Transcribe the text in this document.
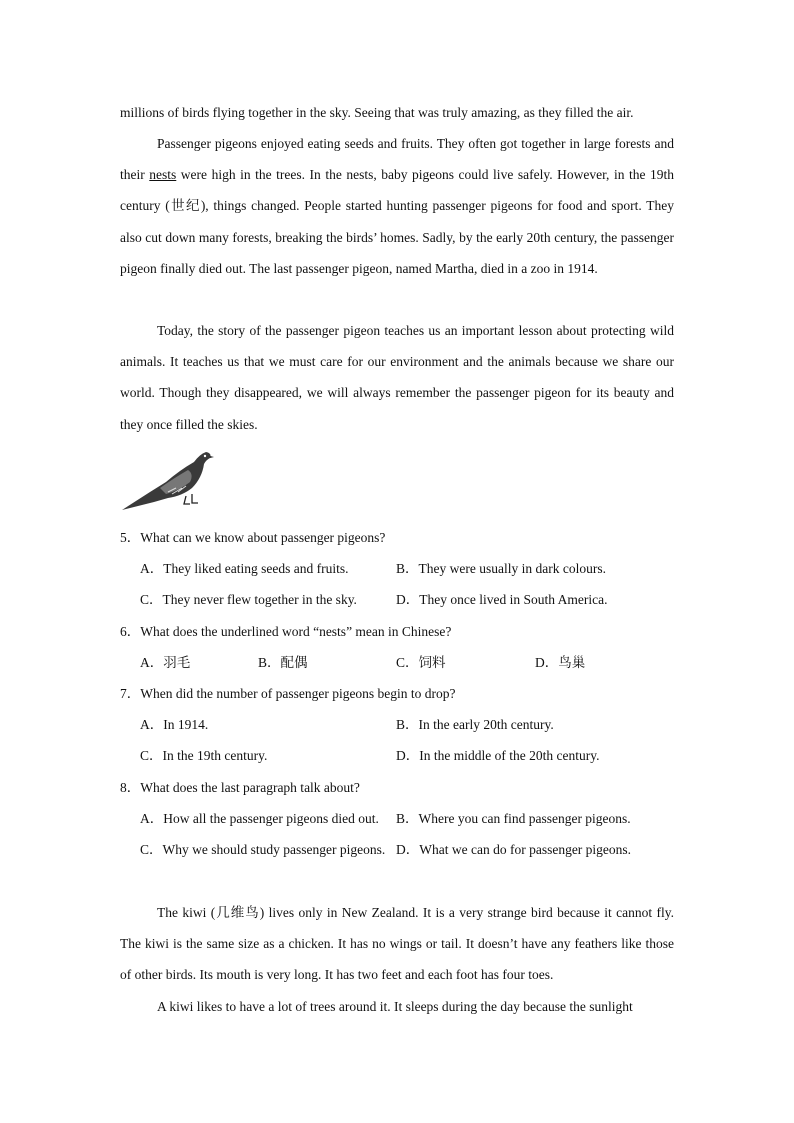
millions of birds flying together in the sky. Seeing that was truly amazing, as they filled the air.

Passenger pigeons enjoyed eating seeds and fruits. They often got together in large forests and their nests were high in the trees. In the nests, baby pigeons could live safely. However, in the 19th century (世纪), things changed. People started hunting passenger pigeons for food and sport. They also cut down many forests, breaking the birds’ homes. Sadly, by the early 20th century, the passenger pigeon finally died out. The last passenger pigeon, named Martha, died in a zoo in 1914.

Today, the story of the passenger pigeon teaches us an important lesson about protecting wild animals. It teaches us that we must care for our environment and the animals because we share our world. Though they disappeared, we will always remember the passenger pigeon for its beauty and they once filled the skies.

5．What can we know about passenger pigeons?
A．They liked eating seeds and fruits.	B．They were usually in dark colours.
C．They never flew together in the sky.	D．They once lived in South America.
6．What does the underlined word “nests” mean in Chinese?
A．羽毛	B．配偶	C．饲料	D．鸟巢
7．When did the number of passenger pigeons begin to drop?
A．In 1914.	B．In the early 20th century.
C．In the 19th century.	D．In the middle of the 20th century.
8．What does the last paragraph talk about?
A．How all the passenger pigeons died out. B．Where you can find passenger pigeons.
C．Why we should study passenger pigeons. D．What we can do for passenger pigeons.

The kiwi (几维鸟) lives only in New Zealand. It is a very strange bird because it cannot fly. The kiwi is the same size as a chicken. It has no wings or tail. It doesn’t have any feathers like those of other birds. Its mouth is very long. It has two feet and each foot has four toes.

A kiwi likes to have a lot of trees around it. It sleeps during the day because the sunlight
